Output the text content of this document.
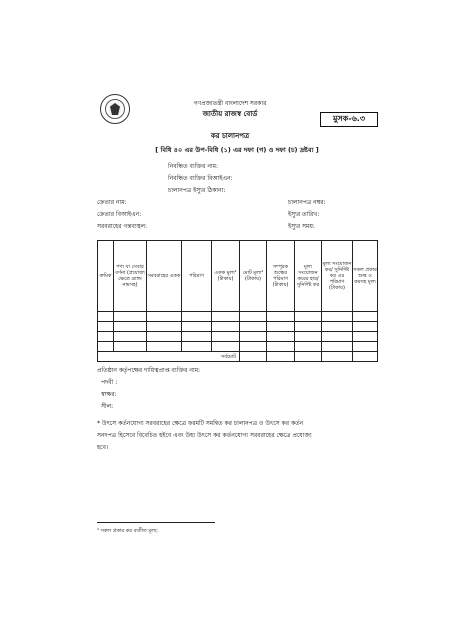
গণপ্রজাতন্ত্রী বাংলাদেশ সরকার
জাতীয় রাজস্ব বোর্ড	মুসক-৬.৩
কর চালানপত্র
[ বিধি ৪০ এর উপ-বিধি (১) এর দফা (গ) ও দফা (চ) দ্রষ্টব্য ]
নিবন্ধিত ব্যক্তির নাম:
নিবন্ধিত ব্যক্তির বিআইএন:
চালানপত্র ইস্যুর ঠিকানা:
ক্রেতার নাম:
ক্রেতার বিআইএন:
সরবরাহের গন্তব্যস্থল:
চালানপত্র নম্বর:
ইস্যুর তারিখ:
ইস্যুর সময়:
ক্রমিক	পণ্য বা সেবার বর্ণনা (প্রযোজ্য ক্ষেত্রে ব্র্যান্ড নামসহ)	সরবরাহের একক	পরিমাণ	একক মূল্য¹ (টাকায়)	মোট মূল্য¹ (টাকায়)	সম্পূরক শুল্কের পরিমাণ (টাকায়)	মূল্য সংযোজন করের হার/ সুনির্দিষ্ট কর	মূল্য সংযোজন কর/ সুনির্দিষ্ট কর এর পরিমাণ (টাকায়)	সকল প্রকার শুল্ক ও করসহ মূল্য

সর্বমোট									
প্রতিষ্ঠান কর্তৃপক্ষের দায়িত্বপ্রাপ্ত ব্যক্তির নাম:
পদবী :
স্বাক্ষর:
সীল:
* উৎসে কর্তনযোগ্য সরবরাহের ক্ষেত্রে ফরমটি সমন্বিত কর চালানপত্র ও উৎসে কর কর্তন
সনদপত্র হিসেবে বিবেচিত হইবে এবং উহা উৎসে কর কর্তনযোগ্য সরবরাহের ক্ষেত্রে প্রযোজ্য
হবে।
¹ সকল প্রকার কর ব্যতীত মূল্য;
